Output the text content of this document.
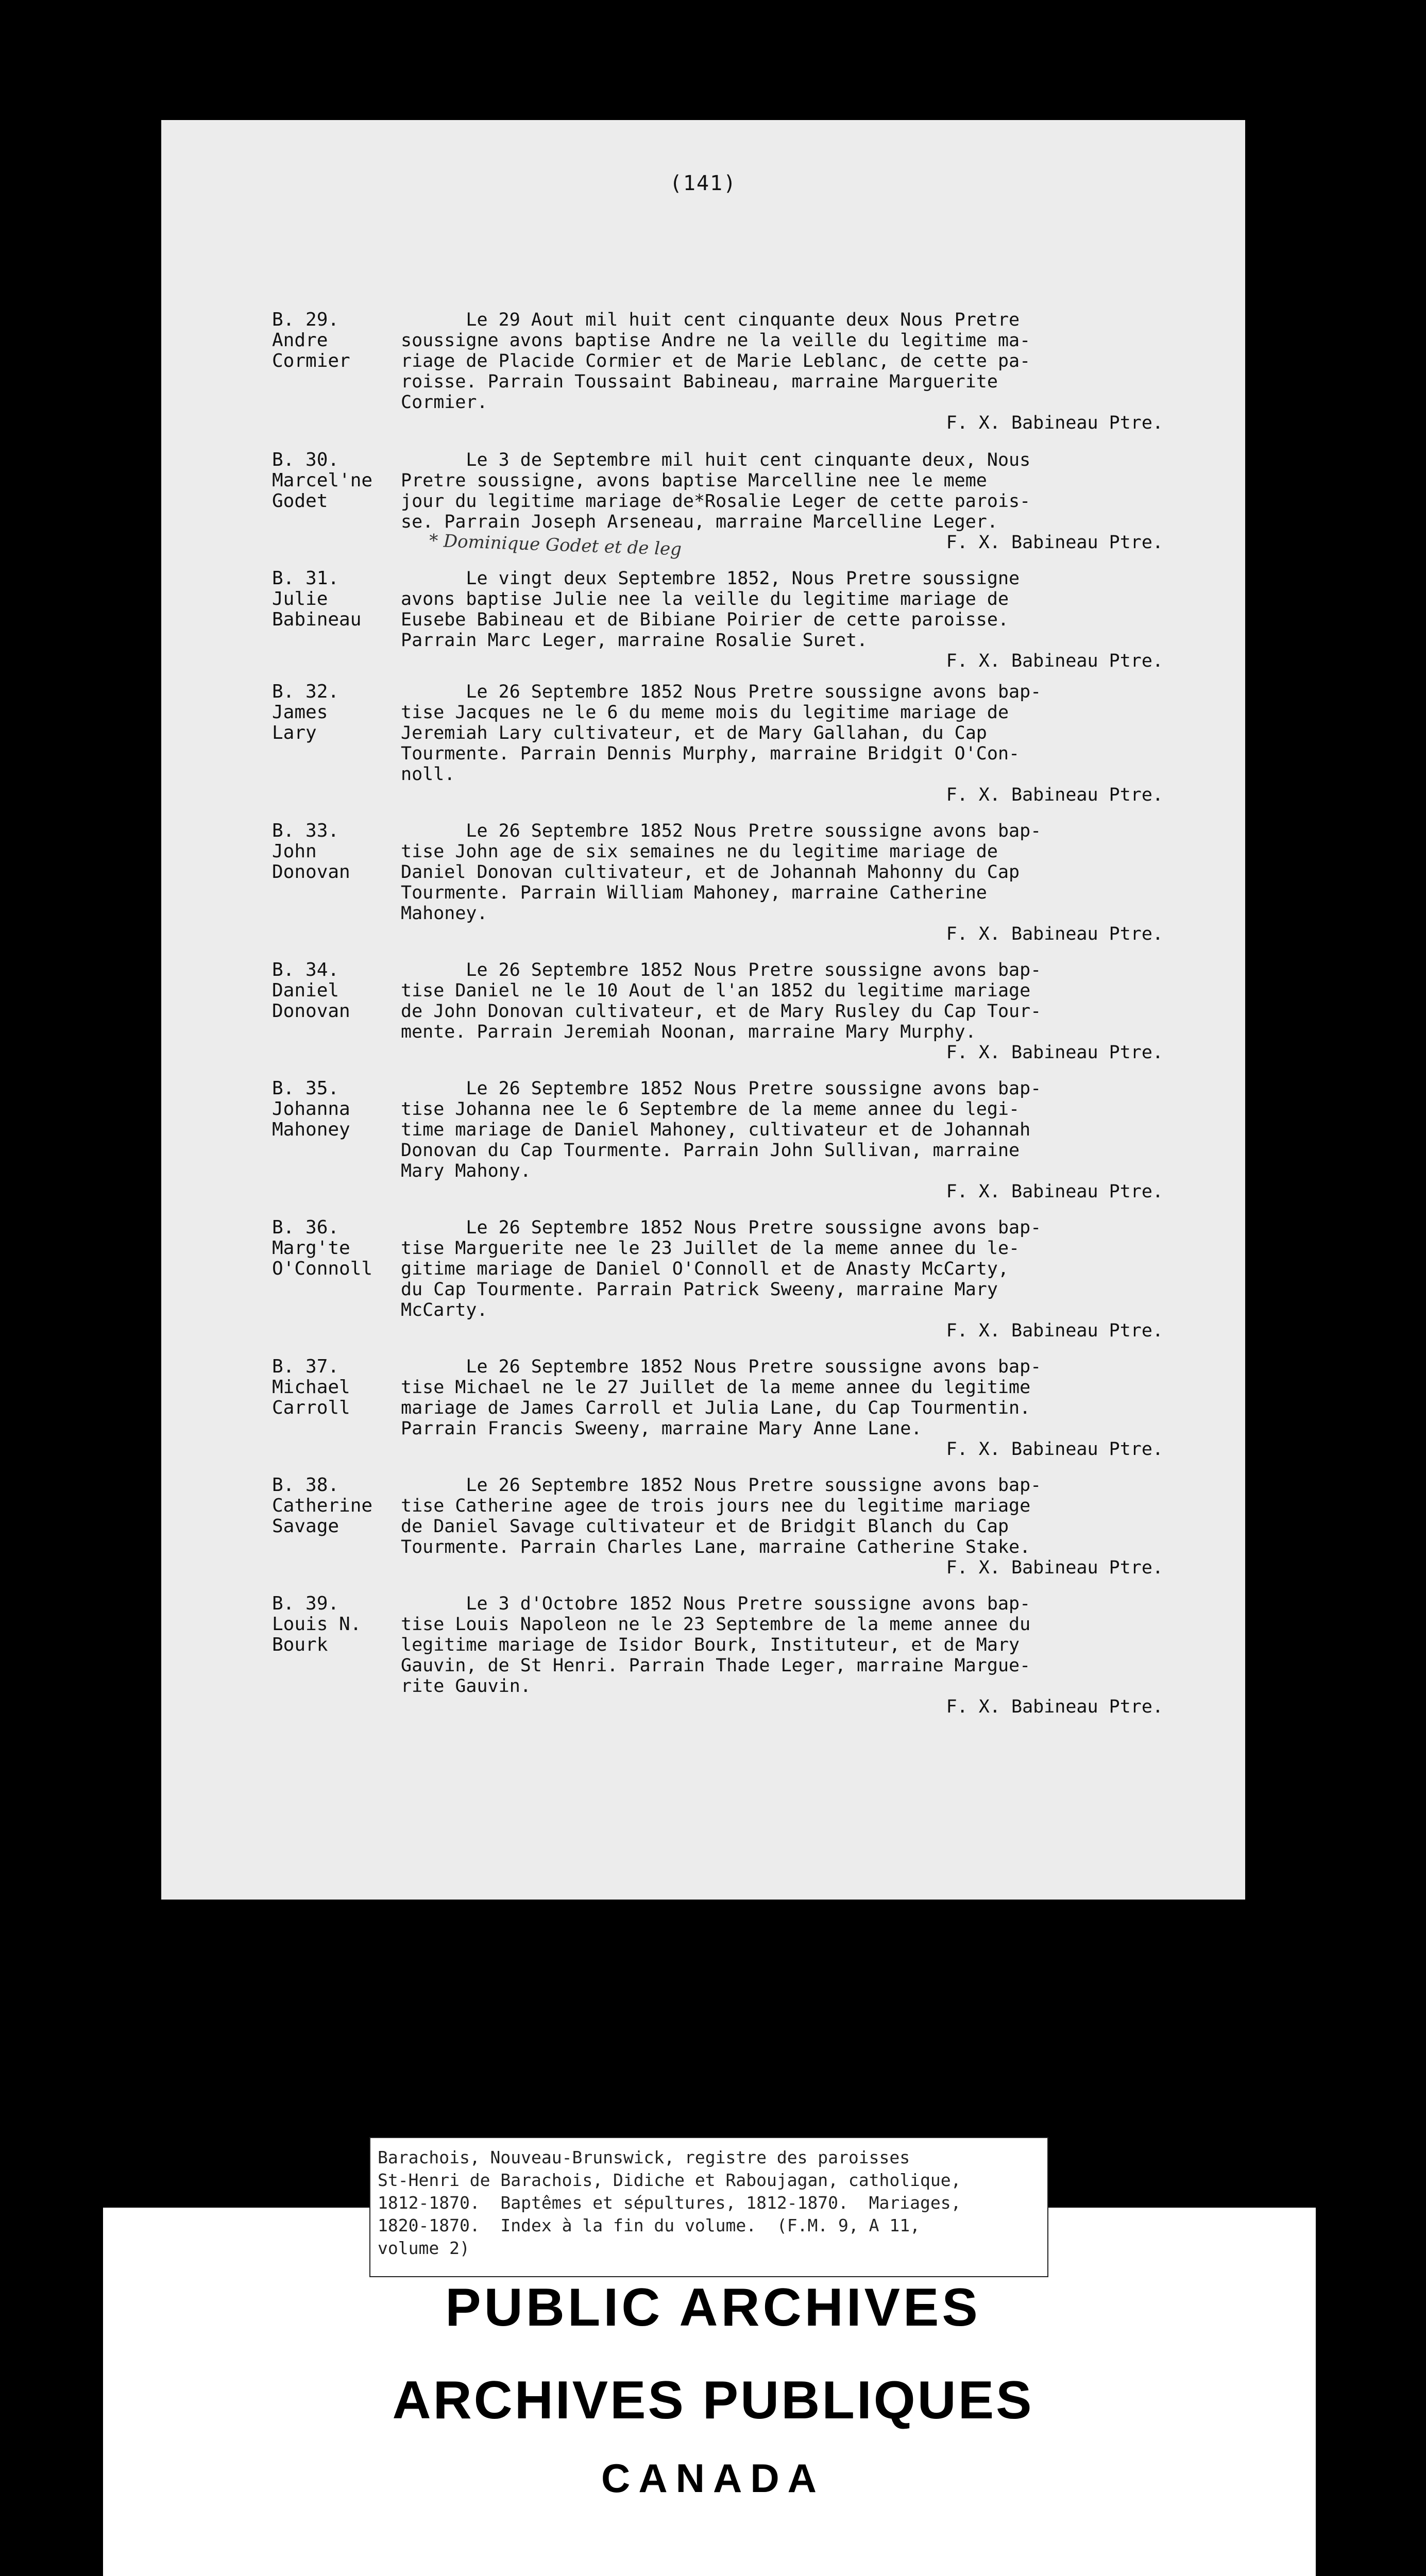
(141)
B. 29.
Andre
Cormier
Le 29 Aout mil huit cent cinquante deux Nous Pretre
soussigne avons baptise Andre ne la veille du legitime ma-
riage de Placide Cormier et de Marie Leblanc, de cette pa-
roisse. Parrain Toussaint Babineau, marraine Marguerite
Cormier.
F. X. Babineau Ptre.
B. 30.
Marcel'ne
Godet
Le 3 de Septembre mil huit cent cinquante deux, Nous
Pretre soussigne, avons baptise Marcelline nee le meme
jour du legitime mariage de*Rosalie Leger de cette parois-
se. Parrain Joseph Arseneau, marraine Marcelline Leger.
F. X. Babineau Ptre.
B. 31.
Julie
Babineau
Le vingt deux Septembre 1852, Nous Pretre soussigne
avons baptise Julie nee la veille du legitime mariage de
Eusebe Babineau et de Bibiane Poirier de cette paroisse.
Parrain Marc Leger, marraine Rosalie Suret.
F. X. Babineau Ptre.
B. 32.
James
Lary
Le 26 Septembre 1852 Nous Pretre soussigne avons bap-
tise Jacques ne le 6 du meme mois du legitime mariage de
Jeremiah Lary cultivateur, et de Mary Gallahan, du Cap
Tourmente. Parrain Dennis Murphy, marraine Bridgit O'Con-
noll.
F. X. Babineau Ptre.
B. 33.
John
Donovan
Le 26 Septembre 1852 Nous Pretre soussigne avons bap-
tise John age de six semaines ne du legitime mariage de
Daniel Donovan cultivateur, et de Johannah Mahonny du Cap
Tourmente. Parrain William Mahoney, marraine Catherine
Mahoney.
F. X. Babineau Ptre.
B. 34.
Daniel
Donovan
Le 26 Septembre 1852 Nous Pretre soussigne avons bap-
tise Daniel ne le 10 Aout de l'an 1852 du legitime mariage
de John Donovan cultivateur, et de Mary Rusley du Cap Tour-
mente. Parrain Jeremiah Noonan, marraine Mary Murphy.
F. X. Babineau Ptre.
B. 35.
Johanna
Mahoney
Le 26 Septembre 1852 Nous Pretre soussigne avons bap-
tise Johanna nee le 6 Septembre de la meme annee du legi-
time mariage de Daniel Mahoney, cultivateur et de Johannah
Donovan du Cap Tourmente. Parrain John Sullivan, marraine
Mary Mahony.
F. X. Babineau Ptre.
B. 36.
Marg'te
O'Connoll
Le 26 Septembre 1852 Nous Pretre soussigne avons bap-
tise Marguerite nee le 23 Juillet de la meme annee du le-
gitime mariage de Daniel O'Connoll et de Anasty McCarty,
du Cap Tourmente. Parrain Patrick Sweeny, marraine Mary
McCarty.
F. X. Babineau Ptre.
B. 37.
Michael
Carroll
Le 26 Septembre 1852 Nous Pretre soussigne avons bap-
tise Michael ne le 27 Juillet de la meme annee du legitime
mariage de James Carroll et Julia Lane, du Cap Tourmentin.
Parrain Francis Sweeny, marraine Mary Anne Lane.
F. X. Babineau Ptre.
B. 38.
Catherine
Savage
Le 26 Septembre 1852 Nous Pretre soussigne avons bap-
tise Catherine agee de trois jours nee du legitime mariage
de Daniel Savage cultivateur et de Bridgit Blanch du Cap
Tourmente. Parrain Charles Lane, marraine Catherine Stake.
F. X. Babineau Ptre.
B. 39.
Louis N.
Bourk
Le 3 d'Octobre 1852 Nous Pretre soussigne avons bap-
tise Louis Napoleon ne le 23 Septembre de la meme annee du
legitime mariage de Isidor Bourk, Instituteur, et de Mary
Gauvin, de St Henri. Parrain Thade Leger, marraine Margue-
rite Gauvin.
F. X. Babineau Ptre.
* Dominique Godet et de leg
Barachois, Nouveau-Brunswick, registre des paroisses
St-Henri de Barachois, Didiche et Raboujagan, catholique,
1812-1870.  Baptêmes et sépultures, 1812-1870.  Mariages,
1820-1870.  Index à la fin du volume.  (F.M. 9, A 11,
volume 2)
PUBLIC ARCHIVES
ARCHIVES PUBLIQUES
CANADA
